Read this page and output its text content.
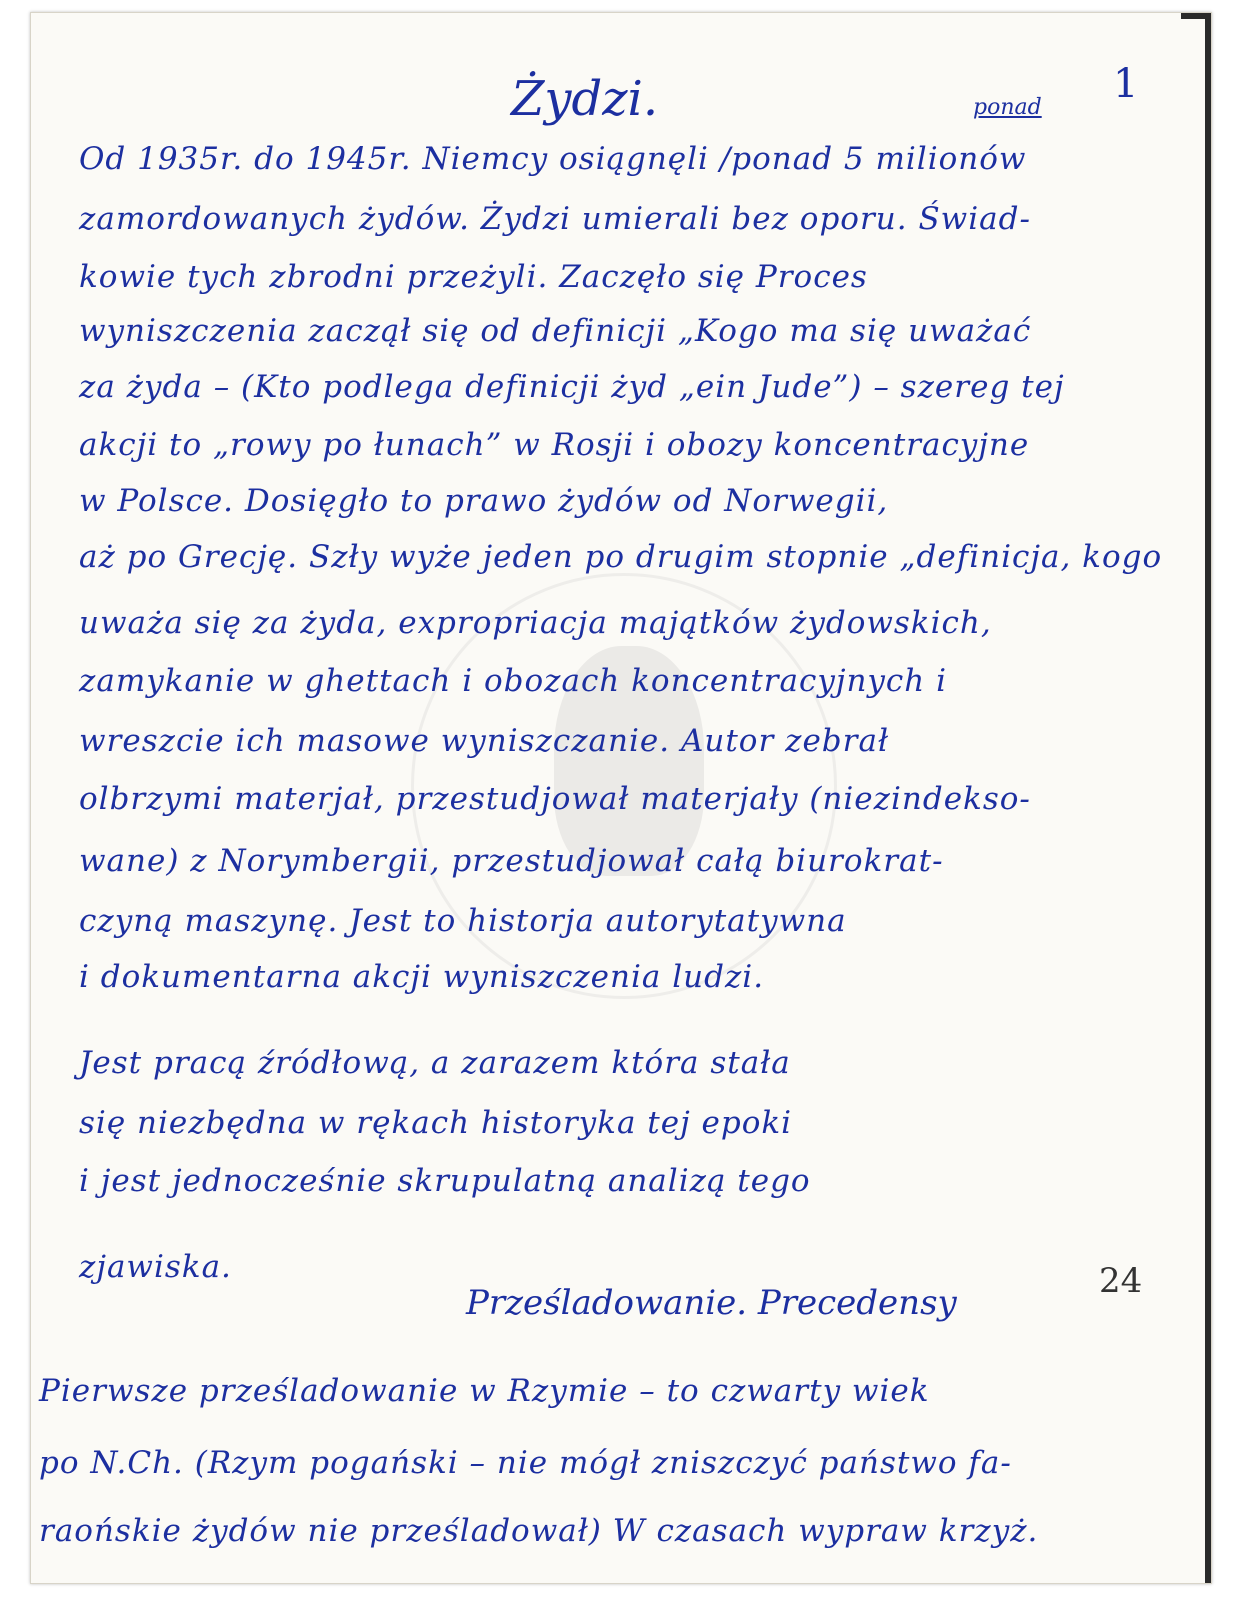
Żydzi.	1
ponad
Od 1935r. do 1945r. Niemcy osiągnęli /ponad 5 milionów
zamordowanych żydów. Żydzi umierali bez oporu. Świad-
kowie tych zbrodni przeżyli. Zaczęło się Proces
wyniszczenia zaczął się od definicji „Kogo ma się uważać
za żyda – (Kto podlega definicji żyd „ein Jude”) – szereg tej
akcji to „rowy po łunach” w Rosji i obozy koncentracyjne
w Polsce. Dosięgło to prawo żydów od Norwegii,
aż po Grecję. Szły wyże jeden po drugim stopnie „definicja, kogo
uważa się za żyda, expropriacja majątków żydowskich,
zamykanie w ghettach i obozach koncentracyjnych i
wreszcie ich masowe wyniszczanie. Autor zebrał
olbrzymi materjał, przestudjował materjały (niezindekso-
wane) z Norymbergii, przestudjował całą biurokrat-
czyną maszynę. Jest to historja autorytatywna
i dokumentarna akcji wyniszczenia ludzi.
Jest pracą źródłową, a zarazem która stała
się niezbędna w rękach historyka tej epoki
i jest jednocześnie skrupulatną analizą tego
zjawiska.	24
Prześladowanie. Precedensy
Pierwsze prześladowanie w Rzymie – to czwarty wiek
po N.Ch. (Rzym pogański – nie mógł zniszczyć państwo fa-
raońskie żydów nie prześladował) W czasach wypraw krzyż.
